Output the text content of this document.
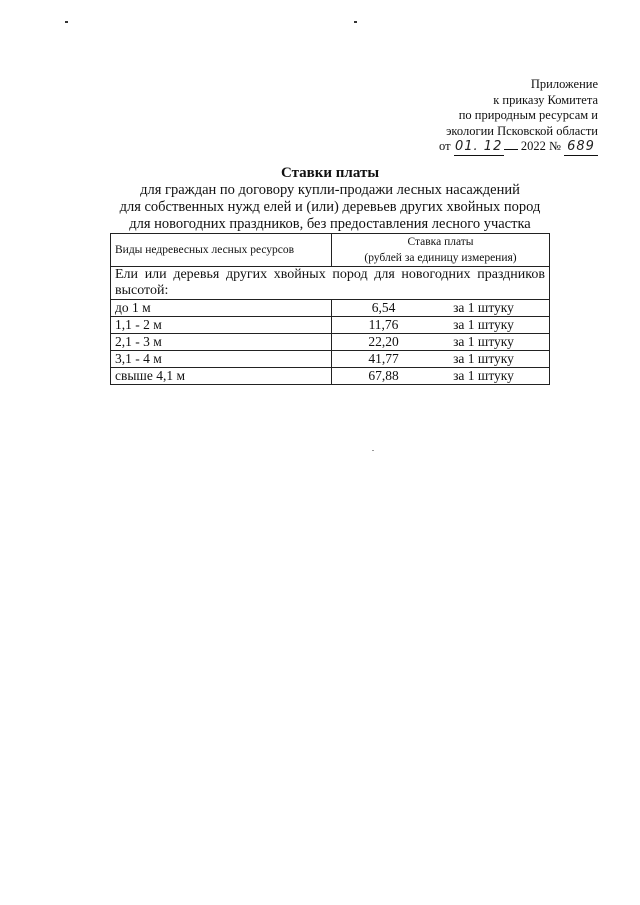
Приложение
к приказу Комитета
по природным ресурсам и
экологии Псковской области
от 01. 12 2022 № 689
Ставки платы
для граждан по договору купли-продажи лесных насаждений
для собственных нужд елей и (или) деревьев других хвойных пород
для новогодних праздников, без предоставления лесного участка
Виды недревесных лесных ресурсов	Ставка платы
(рублей за единицу измерения)

Ели или деревья других хвойных пород для новогодних праздников высотой:	
до 1 м	6,54 за 1 штуку
1,1 - 2 м	11,76 за 1 штуку
2,1 - 3 м	22,20 за 1 штуку
3,1 - 4 м	41,77 за 1 штуку
свыше 4,1 м	67,88 за 1 штуку
